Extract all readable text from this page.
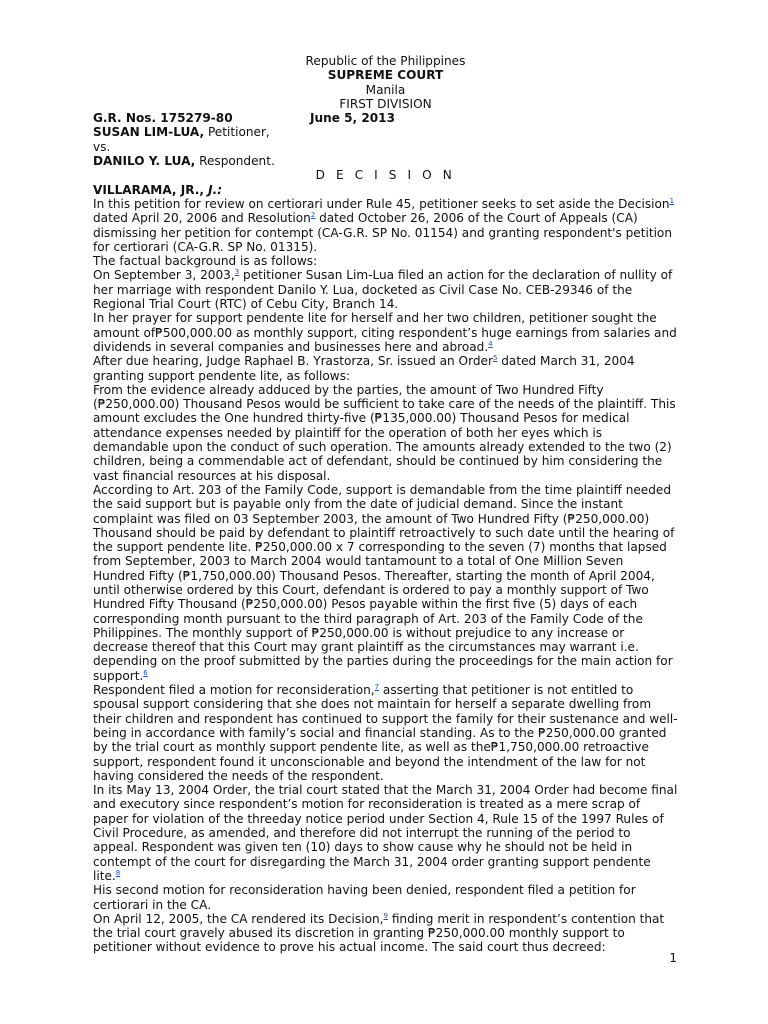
Republic of the Philippines

SUPREME COURT

Manila

FIRST DIVISION

G.R. Nos. 175279-80	June 5, 2013

SUSAN LIM-LUA, Petitioner,

vs.

DANILO Y. LUA, Respondent.

D E C I S I O N

VILLARAMA, JR., J.:

In this petition for review on certiorari under Rule 45, petitioner seeks to set aside the Decision$^1$ dated April 20, 2006 and Resolution$^2$ dated October 26, 2006 of the Court of Appeals (CA) dismissing her petition for contempt (CA-G.R. SP No. 01154) and granting respondent's petition for certiorari (CA-G.R. SP No. 01315).

The factual background is as follows:

On September 3, 2003,$^3$ petitioner Susan Lim-Lua filed an action for the declaration of nullity of her marriage with respondent Danilo Y. Lua, docketed as Civil Case No. CEB-29346 of the Regional Trial Court (RTC) of Cebu City, Branch 14.

In her prayer for support pendente lite for herself and her two children, petitioner sought the amount of₱500,000.00 as monthly support, citing respondent’s huge earnings from salaries and dividends in several companies and businesses here and abroad.$^4$

After due hearing, Judge Raphael B. Yrastorza, Sr. issued an Order$^5$ dated March 31, 2004 granting support pendente lite, as follows:

From the evidence already adduced by the parties, the amount of Two Hundred Fifty (₱250,000.00) Thousand Pesos would be sufficient to take care of the needs of the plaintiff. This amount excludes the One hundred thirty-five (₱135,000.00) Thousand Pesos for medical attendance expenses needed by plaintiff for the operation of both her eyes which is demandable upon the conduct of such operation. The amounts already extended to the two (2) children, being a commendable act of defendant, should be continued by him considering the vast financial resources at his disposal.

According to Art. 203 of the Family Code, support is demandable from the time plaintiff needed the said support but is payable only from the date of judicial demand. Since the instant complaint was filed on 03 September 2003, the amount of Two Hundred Fifty (₱250,000.00) Thousand should be paid by defendant to plaintiff retroactively to such date until the hearing of the support pendente lite. ₱250,000.00 x 7 corresponding to the seven (7) months that lapsed from September, 2003 to March 2004 would tantamount to a total of One Million Seven Hundred Fifty (₱1,750,000.00) Thousand Pesos. Thereafter, starting the month of April 2004, until otherwise ordered by this Court, defendant is ordered to pay a monthly support of Two Hundred Fifty Thousand (₱250,000.00) Pesos payable within the first five (5) days of each corresponding month pursuant to the third paragraph of Art. 203 of the Family Code of the Philippines. The monthly support of ₱250,000.00 is without prejudice to any increase or decrease thereof that this Court may grant plaintiff as the circumstances may warrant i.e. depending on the proof submitted by the parties during the proceedings for the main action for support.$^6$

Respondent filed a motion for reconsideration,$^7$ asserting that petitioner is not entitled to spousal support considering that she does not maintain for herself a separate dwelling from their children and respondent has continued to support the family for their sustenance and well-being in accordance with family’s social and financial standing. As to the ₱250,000.00 granted by the trial court as monthly support pendente lite, as well as the₱1,750,000.00 retroactive support, respondent found it unconscionable and beyond the intendment of the law for not having considered the needs of the respondent.

In its May 13, 2004 Order, the trial court stated that the March 31, 2004 Order had become final and executory since respondent’s motion for reconsideration is treated as a mere scrap of paper for violation of the threeday notice period under Section 4, Rule 15 of the 1997 Rules of Civil Procedure, as amended, and therefore did not interrupt the running of the period to appeal. Respondent was given ten (10) days to show cause why he should not be held in contempt of the court for disregarding the March 31, 2004 order granting support pendente lite.$^8$

His second motion for reconsideration having been denied, respondent filed a petition for certiorari in the CA.

On April 12, 2005, the CA rendered its Decision,$^9$ finding merit in respondent’s contention that the trial court gravely abused its discretion in granting ₱250,000.00 monthly support to petitioner without evidence to prove his actual income. The said court thus decreed:

1
